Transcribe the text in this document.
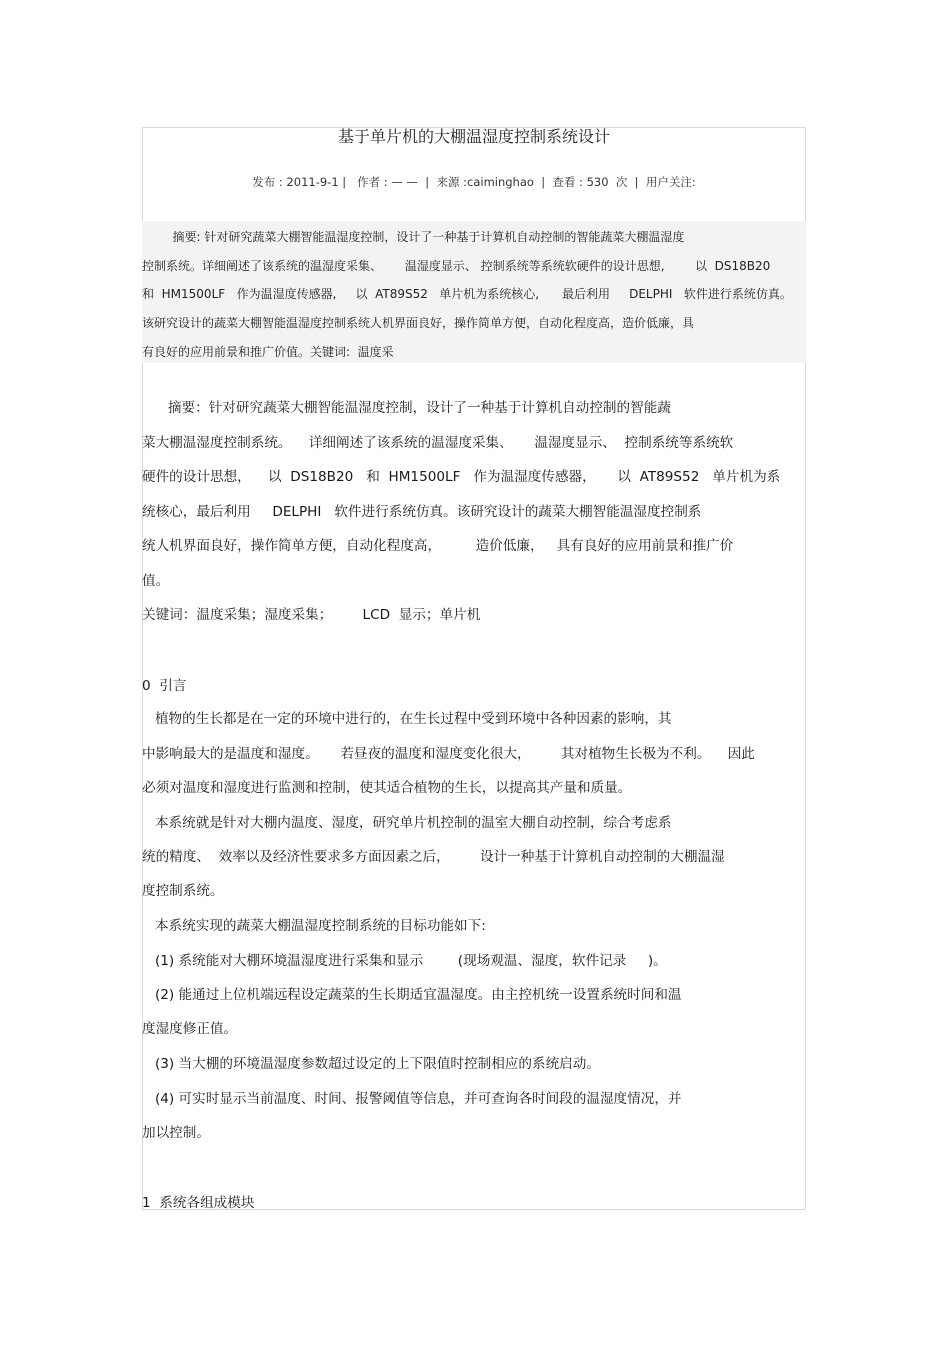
基于单片机的大棚温湿度控制系统设计
发布 : 2011-9-1 |   作者 : — —  |  来源 :caiminghao  |  查看 : 530  次  |  用户关注:
摘要: 针对研究蔬菜大棚智能温湿度控制，设计了一种基于计算机自动控制的智能蔬菜大棚温湿度
控制系统。详细阐述了该系统的温湿度采集、      温湿度显示、 控制系统等系统软硬件的设计思想,        以  DS18B20
和  HM1500LF   作为温湿度传感器,     以  AT89S52   单片机为系统核心,      最后利用     DELPHI   软件进行系统仿真。
该研究设计的蔬菜大棚智能温湿度控制系统人机界面良好，操作简单方便，自动化程度高，造价低廉，具
有良好的应用前景和推广价值。关键词:  温度采
摘要：针对研究蔬菜大棚智能温湿度控制，设计了一种基于计算机自动控制的智能蔬
菜大棚温湿度控制系统。    详细阐述了该系统的温湿度采集、     温湿度显示、  控制系统等系统软
硬件的设计思想，    以  DS18B20   和  HM1500LF   作为温湿度传感器，     以  AT89S52   单片机为系
统核心，最后利用     DELPHI   软件进行系统仿真。该研究设计的蔬菜大棚智能温湿度控制系
统人机界面良好，操作简单方便，自动化程度高，        造价低廉，   具有良好的应用前景和推广价
值。
关键词：温度采集；湿度采集；       LCD  显示；单片机
0  引言
植物的生长都是在一定的环境中进行的，在生长过程中受到环境中各种因素的影响，其
中影响最大的是温度和湿度。     若昼夜的温度和湿度变化很大，       其对植物生长极为不利。    因此
必须对温度和湿度进行监测和控制，使其适合植物的生长，以提高其产量和质量。
本系统就是针对大棚内温度、湿度，研究单片机控制的温室大棚自动控制，综合考虑系
统的精度、  效率以及经济性要求多方面因素之后，       设计一种基于计算机自动控制的大棚温湿
度控制系统。
本系统实现的蔬菜大棚温湿度控制系统的目标功能如下:
(1) 系统能对大棚环境温湿度进行采集和显示        (现场观温、湿度，软件记录     )。
(2) 能通过上位机端远程设定蔬菜的生长期适宜温湿度。由主控机统一设置系统时间和温
度湿度修正值。
(3) 当大棚的环境温湿度参数超过设定的上下限值时控制相应的系统启动。
(4) 可实时显示当前温度、时间、报警阈值等信息，并可查询各时间段的温湿度情况，并
加以控制。
1  系统各组成模块
